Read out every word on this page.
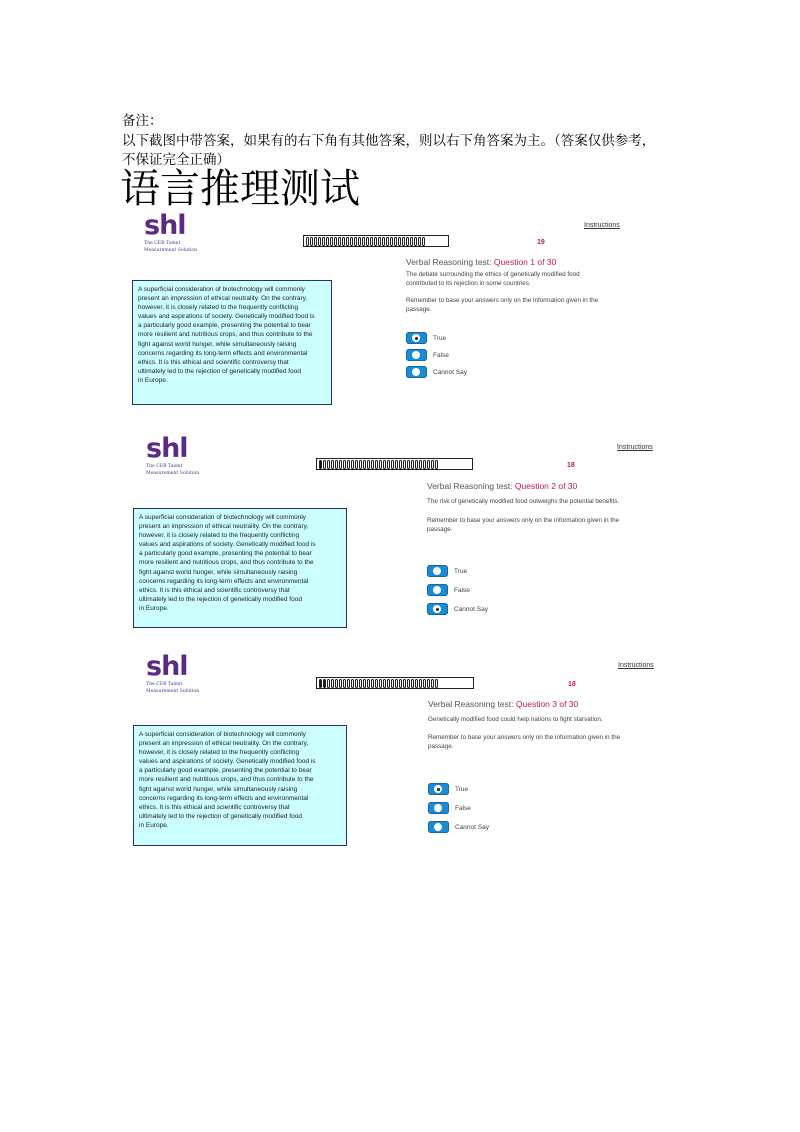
备注：
以下截图中带答案，如果有的右下角有其他答案，则以右下角答案为主。（答案仅供参考，
不保证完全正确）
语言推理测试
shl
The CEB Talent
Measurement Solution
Instructions
19
Verbal Reasoning test: Question 1 of 30
The debate surrounding the ethics of genetically modified food
contributed to its rejection in some countries.
Remember to base your answers only on the information given in the
passage.
A superficial consideration of biotechnology will commonly
present an impression of ethical neutrality. On the contrary,
however, it is closely related to the frequently conflicting
values and aspirations of society. Genetically modified food is
a particularly good example, presenting the potential to bear
more resilient and nutritious crops, and thus contribute to the
fight against world hunger, while simultaneously raising
concerns regarding its long-term effects and environmental
ethics. It is this ethical and scientific controversy that
ultimately led to the rejection of genetically modified food
in Europe.
True
False
Cannot Say
shl
The CEB Talent
Measurement Solution
Instructions
18
Verbal Reasoning test: Question 2 of 30
The risk of genetically modified food outweighs the potential benefits.
Remember to base your answers only on the information given in the
passage.
A superficial consideration of biotechnology will commonly
present an impression of ethical neutrality. On the contrary,
however, it is closely related to the frequently conflicting
values and aspirations of society. Genetically modified food is
a particularly good example, presenting the potential to bear
more resilient and nutritious crops, and thus contribute to the
fight against world hunger, while simultaneously raising
concerns regarding its long-term effects and environmental
ethics. It is this ethical and scientific controversy that
ultimately led to the rejection of genetically modified food
in Europe.
True
False
Cannot Say
shl
The CEB Talent
Measurement Solution
Instructions
18
Verbal Reasoning test: Question 3 of 30
Genetically modified food could help nations to fight starvation.
Remember to base your answers only on the information given in the
passage.
A superficial consideration of biotechnology will commonly
present an impression of ethical neutrality. On the contrary,
however, it is closely related to the frequently conflicting
values and aspirations of society. Genetically modified food is
a particularly good example, presenting the potential to bear
more resilient and nutritious crops, and thus contribute to the
fight against world hunger, while simultaneously raising
concerns regarding its long-term effects and environmental
ethics. It is this ethical and scientific controversy that
ultimately led to the rejection of genetically modified food
in Europe.
True
False
Cannot Say
